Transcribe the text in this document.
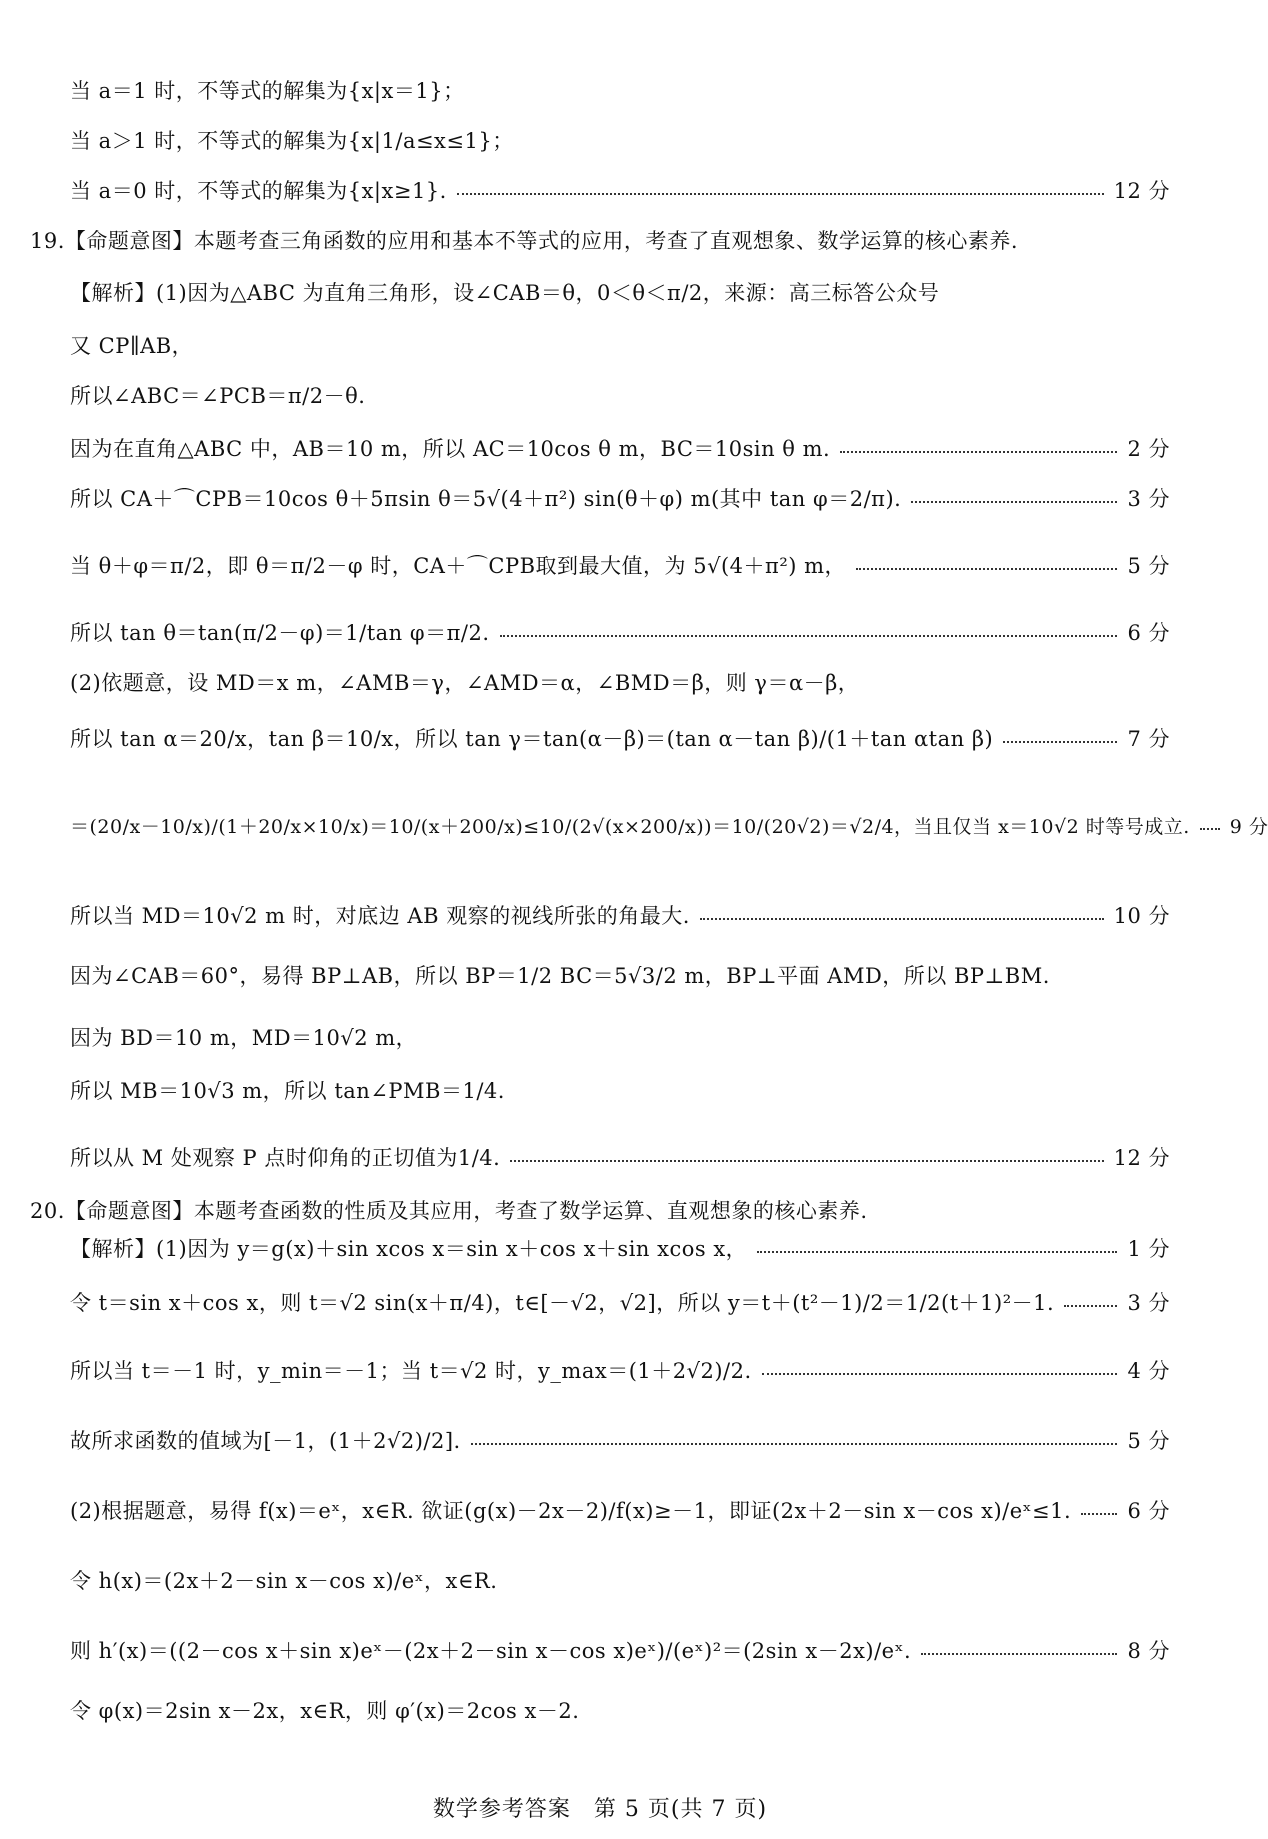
当 a＝1 时，不等式的解集为{x|x＝1}；
当 a＞1 时，不等式的解集为{x|1/a≤x≤1}；
当 a＝0 时，不等式的解集为{x|x≥1}.	12 分
19.【命题意图】本题考查三角函数的应用和基本不等式的应用，考查了直观想象、数学运算的核心素养.
【解析】(1)因为△ABC 为直角三角形，设∠CAB＝θ，0＜θ＜π/2，来源：高三标答公众号
又 CP∥AB，
所以∠ABC＝∠PCB＝π/2－θ.
因为在直角△ABC 中，AB＝10 m，所以 AC＝10cos θ m，BC＝10sin θ m.	2 分
所以 CA＋⌒CPB＝10cos θ＋5πsin θ＝5√(4＋π²) sin(θ＋φ) m(其中 tan φ＝2/π).	3 分
当 θ＋φ＝π/2，即 θ＝π/2－φ 时，CA＋⌒CPB取到最大值，为 5√(4＋π²) m，	5 分
所以 tan θ＝tan(π/2－φ)＝1/tan φ＝π/2.	6 分
(2)依题意，设 MD＝x m，∠AMB＝γ，∠AMD＝α，∠BMD＝β，则 γ＝α－β，
所以 tan α＝20/x，tan β＝10/x，所以 tan γ＝tan(α－β)＝(tan α－tan β)/(1＋tan αtan β)	7 分
＝(20/x－10/x)/(1＋20/x×10/x)＝10/(x＋200/x)≤10/(2√(x×200/x))＝10/(20√2)＝√2/4，当且仅当 x＝10√2 时等号成立. 9 分
所以当 MD＝10√2 m 时，对底边 AB 观察的视线所张的角最大.	10 分
因为∠CAB＝60°，易得 BP⊥AB，所以 BP＝1/2 BC＝5√3/2 m，BP⊥平面 AMD，所以 BP⊥BM.
因为 BD＝10 m，MD＝10√2 m，
所以 MB＝10√3 m，所以 tan∠PMB＝1/4.
所以从 M 处观察 P 点时仰角的正切值为1/4.	12 分
20.【命题意图】本题考查函数的性质及其应用，考查了数学运算、直观想象的核心素养.
【解析】(1)因为 y＝g(x)＋sin xcos x＝sin x＋cos x＋sin xcos x，	1 分
令 t＝sin x＋cos x，则 t＝√2 sin(x＋π/4)，t∈[－√2，√2]，所以 y＝t＋(t²－1)/2＝1/2(t＋1)²－1.	3 分
所以当 t＝－1 时，y_min＝－1；当 t＝√2 时，y_max＝(1＋2√2)/2.	4 分
故所求函数的值域为[－1，(1＋2√2)/2].	5 分
(2)根据题意，易得 f(x)＝eˣ，x∈R. 欲证(g(x)－2x－2)/f(x)≥－1，即证(2x＋2－sin x－cos x)/eˣ≤1.	6 分
令 h(x)＝(2x＋2－sin x－cos x)/eˣ，x∈R.
则 h′(x)＝((2－cos x＋sin x)eˣ－(2x＋2－sin x－cos x)eˣ)/(eˣ)²＝(2sin x－2x)/eˣ.	8 分
令 φ(x)＝2sin x－2x，x∈R，则 φ′(x)＝2cos x－2.
数学参考答案　第 5 页(共 7 页)
